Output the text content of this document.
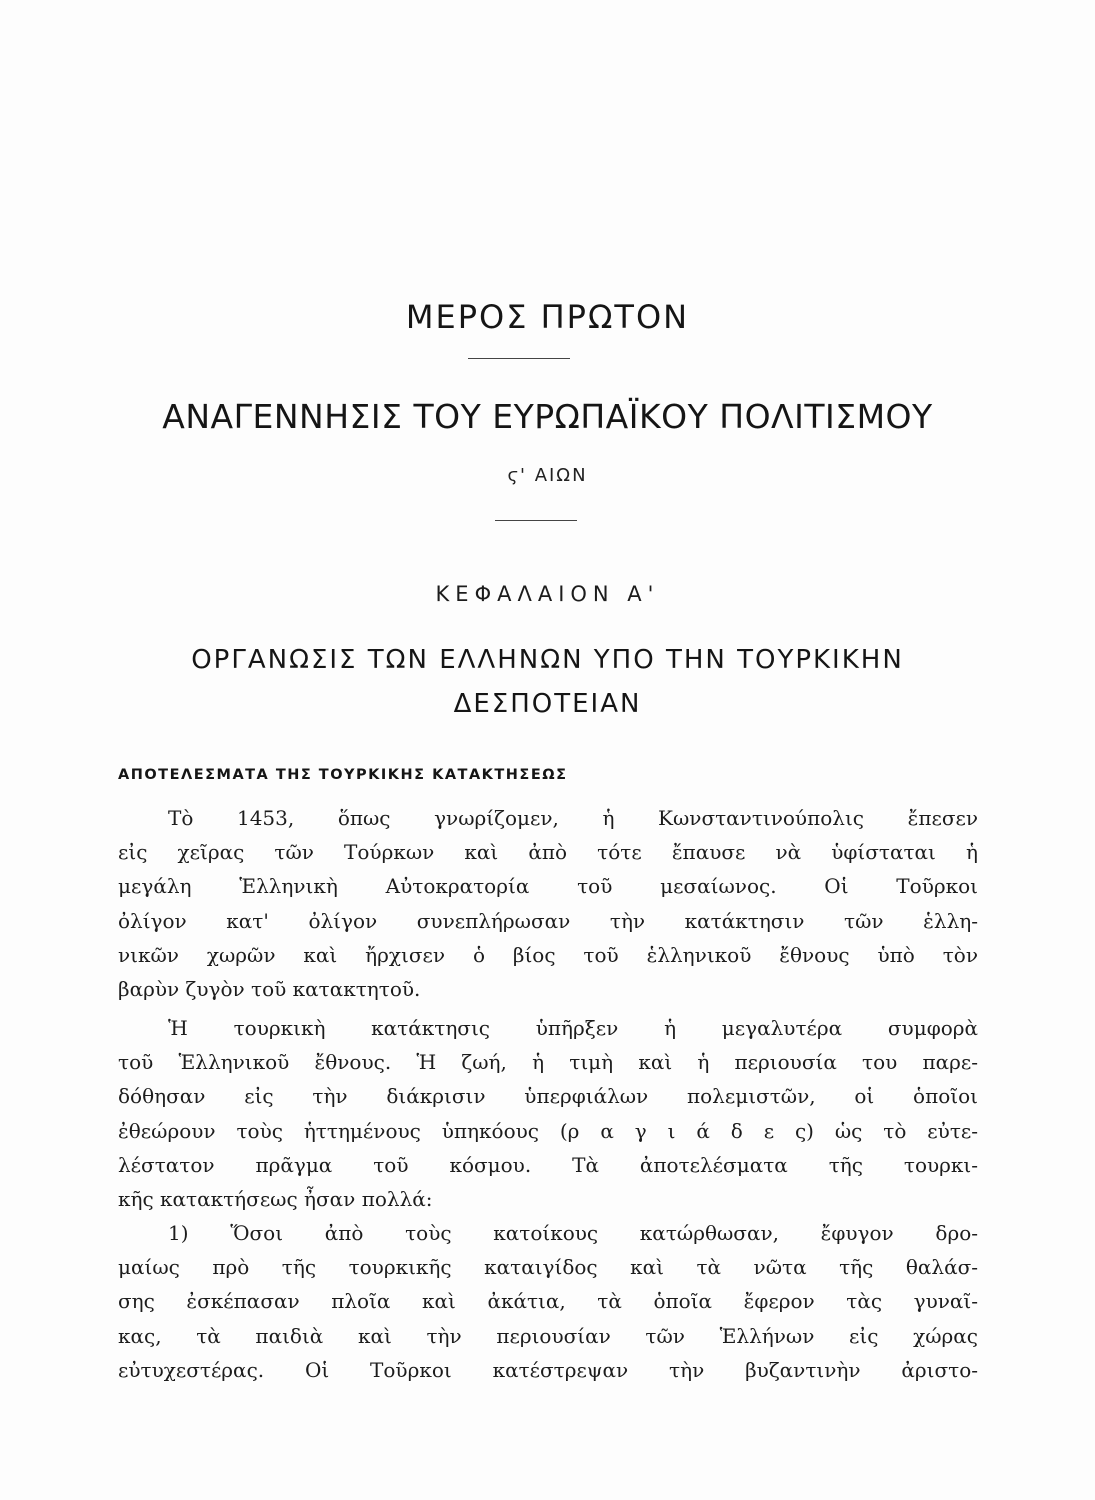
ΜΕΡΟΣ ΠΡΩΤΟΝ
ΑΝΑΓΕΝΝΗΣΙΣ ΤΟΥ ΕΥΡΩΠΑΪΚΟΥ ΠΟΛΙΤΙΣΜΟΥ
ϛ' ΑΙΩΝ
ΚΕΦΑΛΑΙΟΝ Α'
ΟΡΓΑΝΩΣΙΣ ΤΩΝ ΕΛΛΗΝΩΝ ΥΠΟ ΤΗΝ ΤΟΥΡΚΙΚΗΝ
ΔΕΣΠΟΤΕΙΑΝ
ΑΠΟΤΕΛΕΣΜΑΤΑ ΤΗΣ ΤΟΥΡΚΙΚΗΣ ΚΑΤΑΚΤΗΣΕΩΣ
Τὸ 1453, ὅπως γνωρίζομεν, ἡ Κωνσταντινούπολις ἔπεσεν
εἰς χεῖρας τῶν Τούρκων καὶ ἀπὸ τότε ἔπαυσε νὰ ὑφίσταται ἡ
μεγάλη Ἑλληνικὴ Αὐτοκρατορία τοῦ μεσαίωνος. Οἱ Τοῦρκοι
ὀλίγον κατ' ὀλίγον συνεπλήρωσαν τὴν κατάκτησιν τῶν ἑλλη-
νικῶν χωρῶν καὶ ἤρχισεν ὁ βίος τοῦ ἑλληνικοῦ ἔθνους ὑπὸ τὸν
βαρὺν ζυγὸν τοῦ κατακτητοῦ.
Ἡ τουρκικὴ κατάκτησις ὑπῆρξεν ἡ μεγαλυτέρα συμφορὰ
τοῦ Ἑλληνικοῦ ἔθνους. Ἡ ζωή, ἡ τιμὴ καὶ ἡ περιουσία του παρε-
δόθησαν εἰς τὴν διάκρισιν ὑπερφιάλων πολεμιστῶν, οἱ ὁποῖοι
ἐθεώρουν τοὺς ἡττημένους ὑπηκόους (ρ α γ ι ά δ ε ς) ὡς τὸ εὐτε-
λέστατον πρᾶγμα τοῦ κόσμου. Τὰ ἀποτελέσματα τῆς τουρκι-
κῆς κατακτήσεως ἦσαν πολλά:
1) Ὅσοι ἀπὸ τοὺς κατοίκους κατώρθωσαν, ἔφυγον δρο-
μαίως πρὸ τῆς τουρκικῆς καταιγίδος καὶ τὰ νῶτα τῆς θαλάσ-
σης ἐσκέπασαν πλοῖα καὶ ἀκάτια, τὰ ὁποῖα ἔφερον τὰς γυναῖ-
κας, τὰ παιδιὰ καὶ τὴν περιουσίαν τῶν Ἑλλήνων εἰς χώρας
εὐτυχεστέρας. Οἱ Τοῦρκοι κατέστρεψαν τὴν βυζαντινὴν ἀριστο-
